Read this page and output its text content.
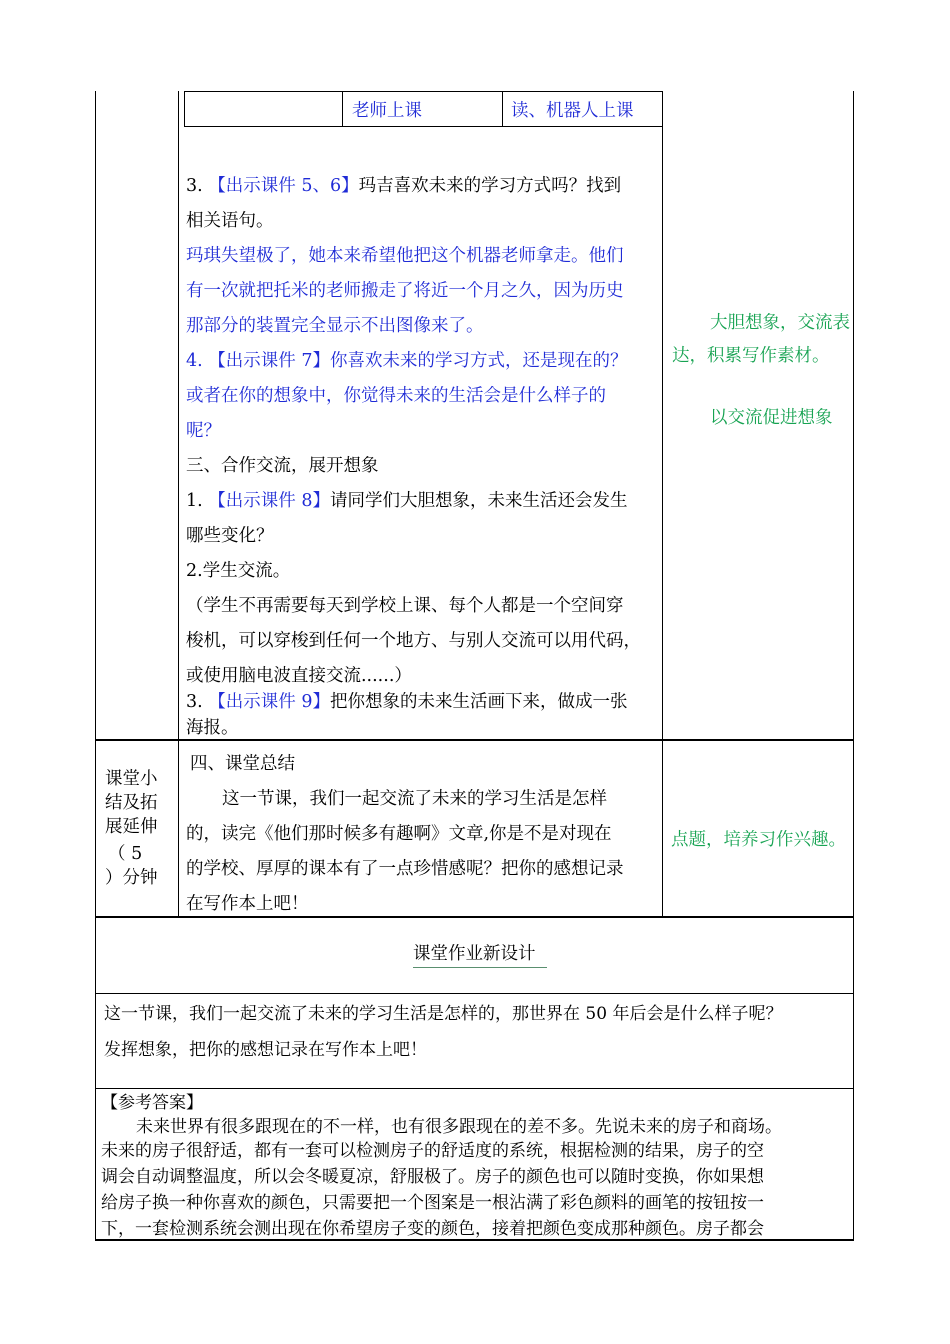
老师上课	读、机器人上课
3. 【出示课件 5、6】玛吉喜欢未来的学习方式吗？找到
相关语句。
玛琪失望极了，她本来希望他把这个机器老师拿走。他们
有一次就把托米的老师搬走了将近一个月之久，因为历史
那部分的装置完全显示不出图像来了。
4. 【出示课件 7】你喜欢未来的学习方式，还是现在的？
或者在你的想象中，你觉得未来的生活会是什么样子的
呢？
三、合作交流，展开想象
1. 【出示课件 8】请同学们大胆想象，未来生活还会发生
哪些变化？
2.学生交流。
（学生不再需要每天到学校上课、每个人都是一个空间穿
梭机，可以穿梭到任何一个地方、与别人交流可以用代码，
或使用脑电波直接交流......）
3. 【出示课件 9】把你想象的未来生活画下来，做成一张
海报。
大胆想象，交流表
达，积累写作素材。
以交流促进想象
课堂小
结及拓
展延伸
（ 5
）分钟
四、课堂总结
这一节课，我们一起交流了未来的学习生活是怎样
的，读完《他们那时候多有趣啊》文章,你是不是对现在
的学校、厚厚的课本有了一点珍惜感呢？把你的感想记录
在写作本上吧！
点题，培养习作兴趣。
课堂作业新设计
这一节课，我们一起交流了未来的学习生活是怎样的，那世界在 50 年后会是什么样子呢？
发挥想象，把你的感想记录在写作本上吧！
【参考答案】
未来世界有很多跟现在的不一样，也有很多跟现在的差不多。先说未来的房子和商场。
未来的房子很舒适，都有一套可以检测房子的舒适度的系统，根据检测的结果，房子的空
调会自动调整温度，所以会冬暖夏凉，舒服极了。房子的颜色也可以随时变换，你如果想
给房子换一种你喜欢的颜色，只需要把一个图案是一根沾满了彩色颜料的画笔的按钮按一
下，一套检测系统会测出现在你希望房子变的颜色，接着把颜色变成那种颜色。房子都会
